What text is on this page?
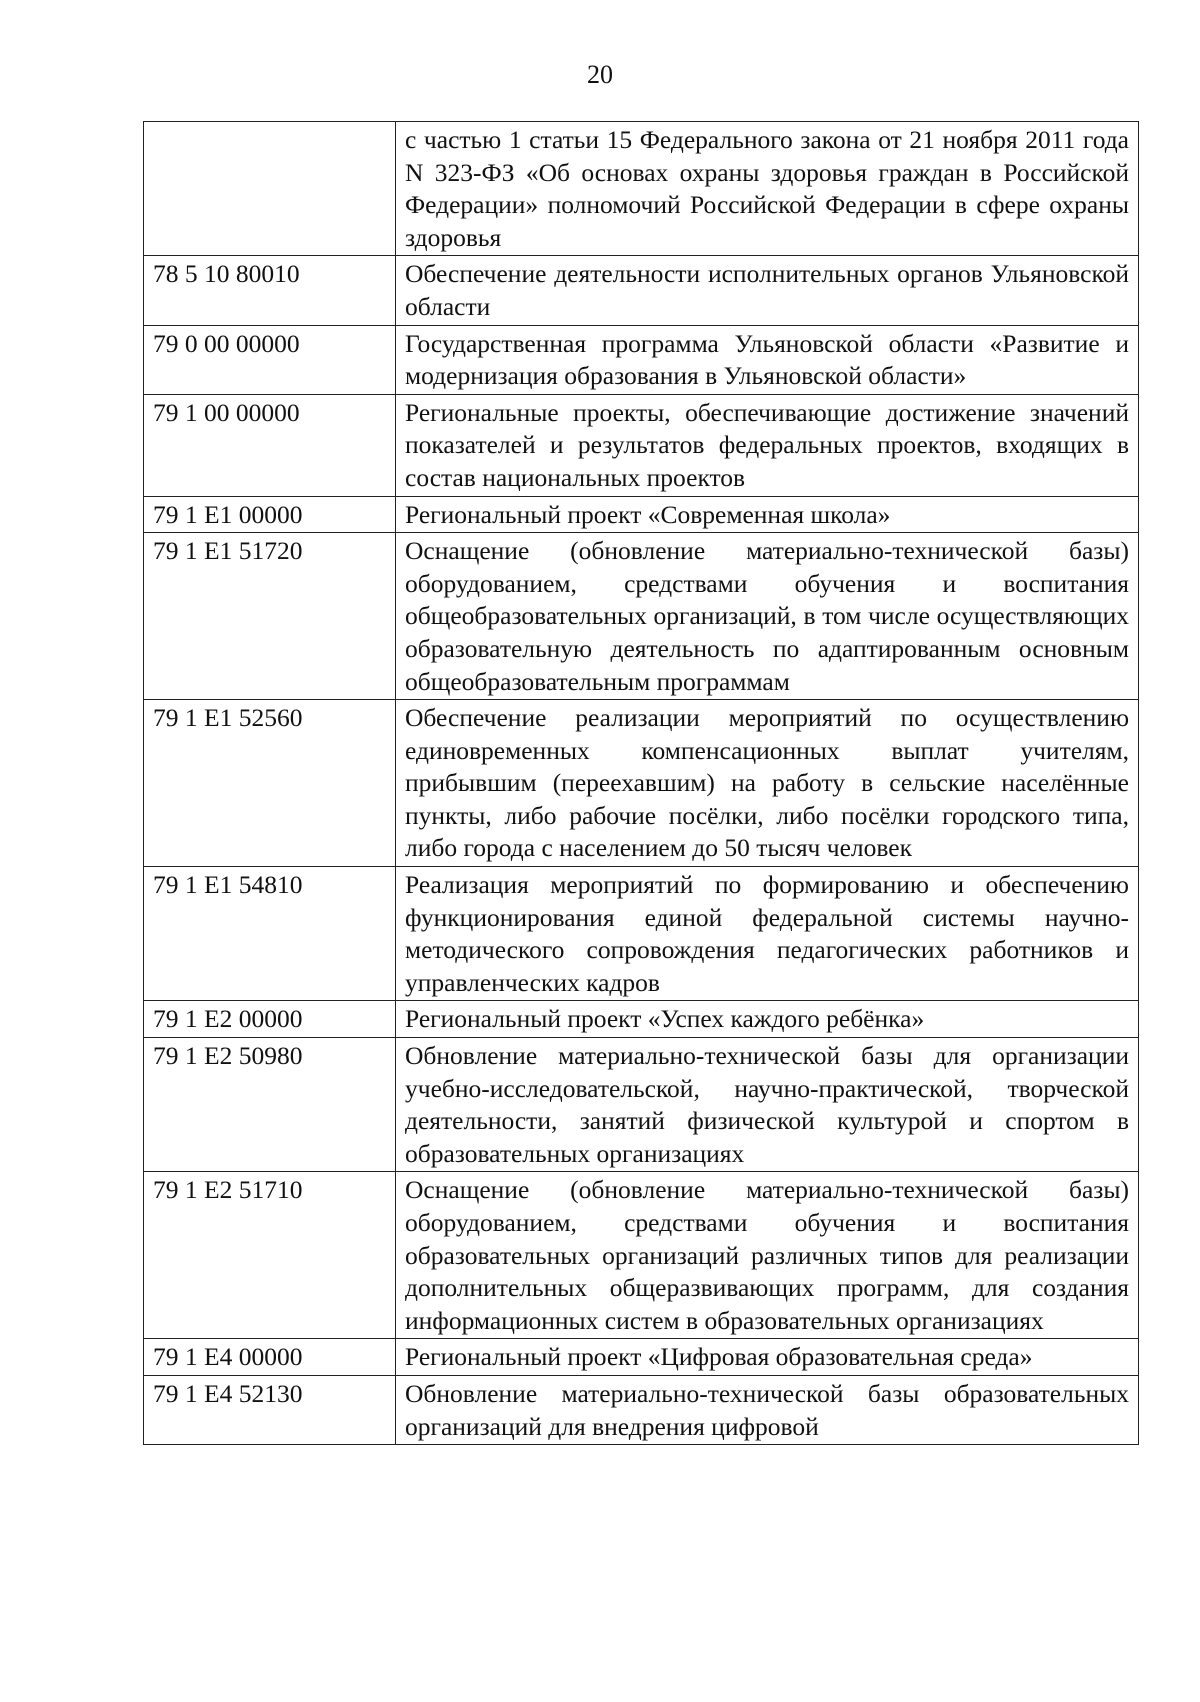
20
	с частью 1 статьи 15 Федерального закона от 21 ноября 2011 года N 323-ФЗ «Об основах охраны здоровья граждан в Российской Федерации» полномочий Российской Федерации в сфере охраны здоровья
78 5 10 80010	Обеспечение деятельности исполнительных органов Ульяновской области
79 0 00 00000	Государственная программа Ульяновской области «Развитие и модернизация образования в Ульяновской области»
79 1 00 00000	Региональные проекты, обеспечивающие достижение значений показателей и результатов федеральных проектов, входящих в состав национальных проектов
79 1 E1 00000	Региональный проект «Современная школа»
79 1 E1 51720	Оснащение (обновление материально-технической базы) оборудованием, средствами обучения и воспитания общеобразовательных организаций, в том числе осуществляющих образовательную деятельность по адаптированным основным общеобразовательным программам
79 1 E1 52560	Обеспечение реализации мероприятий по осуществлению единовременных компенсационных выплат учителям, прибывшим (переехавшим) на работу в сельские населённые пункты, либо рабочие посёлки, либо посёлки городского типа, либо города с населением до 50 тысяч человек
79 1 E1 54810	Реализация мероприятий по формированию и обеспечению функционирования единой федеральной системы научно-методического сопровождения педагогических работников и управленческих кадров
79 1 E2 00000	Региональный проект «Успех каждого ребёнка»
79 1 E2 50980	Обновление материально-технической базы для организации учебно-исследовательской, научно-практической, творческой деятельности, занятий физической культурой и спортом в образовательных организациях
79 1 E2 51710	Оснащение (обновление материально-технической базы) оборудованием, средствами обучения и воспитания образовательных организаций различных типов для реализации дополнительных общеразвивающих программ, для создания информационных систем в образовательных организациях
79 1 E4 00000	Региональный проект «Цифровая образовательная среда»
79 1 E4 52130	Обновление материально-технической базы образовательных организаций для внедрения цифровой
